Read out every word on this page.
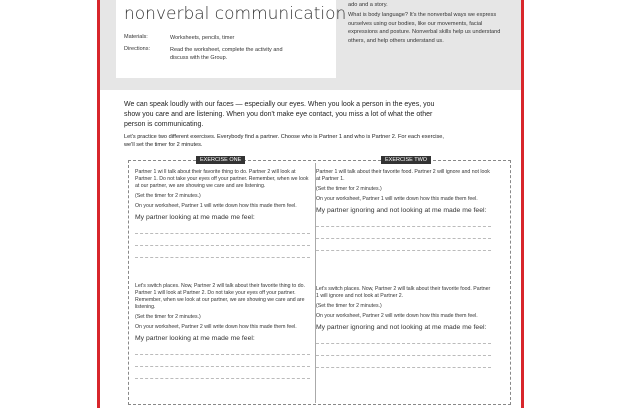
nonverbal communication
Materials:	Worksheets, pencils, timer
Directions:	Read the worksheet, complete the activity and discuss with the Group.
ado and a story.
What is body language? It's the nonverbal ways we express ourselves using our bodies, like our movements, facial expressions and posture. Nonverbal skills help us understand others, and help others understand us.
We can speak loudly with our faces — especially our eyes. When you look a person in the eyes, you show you care and are listening. When you don't make eye contact, you miss a lot of what the other person is communicating.
Let's practice two different exercises. Everybody find a partner. Choose who is Partner 1 and who is Partner 2. For each exercise, we'll set the timer for 2 minutes.
EXERCISE ONE	EXERCISE TWO

Partner 1 wi ll talk about their favorite thing to do. Partner 2 will look at Partner 1. Do not take your eyes off your partner. Remember, when we look at our partner, we are showing we care and are listening.

(Set the timer for 2 minutes.)

On your worksheet, Partner 1 will write down how this made them feel.

My partner looking at me made me feel:

Let's switch places. Now, Partner 2 will talk about their favorite thing to do. Partner 1 will look at Partner 2. Do not take your eyes off your partner. Remember, when we look at our partner, we are showing we care and are listening.

(Set the timer for 2 minutes.)

On your worksheet, Partner 2 will write down how this made them feel.

My partner looking at me made me feel:

Partner 1 will talk about their favorite food. Partner 2 will ignore and not look at Partner 1.

(Set the timer for 2 minutes.)

On your worksheet, Partner 1 will write down how this made them feel.

My partner ignoring and not looking at me made me feel:

Let's switch places. Now, Partner 2 will talk about their favorite food. Partner 1 will ignore and not look at Partner 2.

(Set the timer for 2 minutes.)

On your worksheet, Partner 2 will write down how this made them feel.

My partner ignoring and not looking at me made me feel:
